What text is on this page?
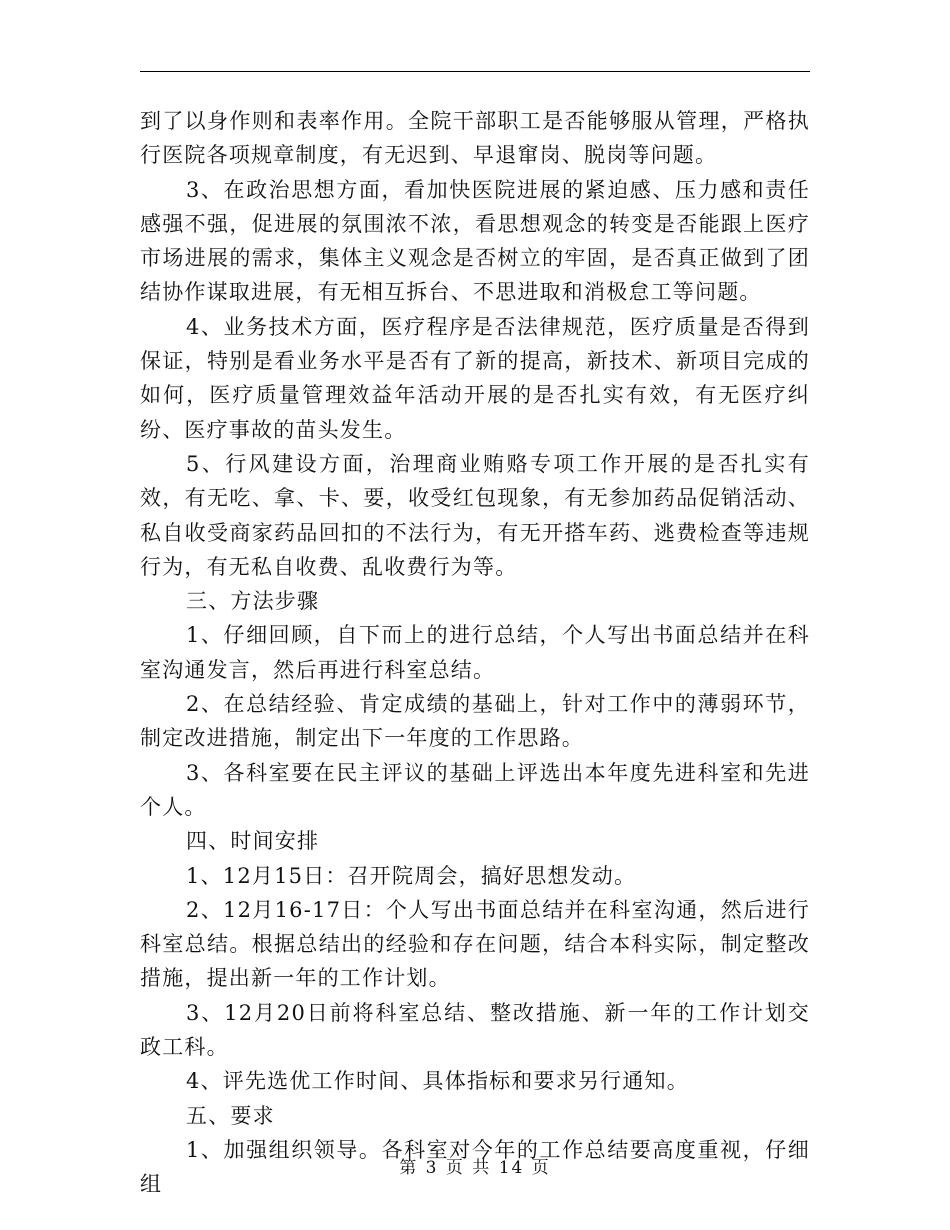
到了以身作则和表率作用。全院干部职工是否能够服从管理，严格执行医院各项规章制度，有无迟到、早退窜岗、脱岗等问题。

3、在政治思想方面，看加快医院进展的紧迫感、压力感和责任感强不强，促进展的氛围浓不浓，看思想观念的转变是否能跟上医疗市场进展的需求，集体主义观念是否树立的牢固，是否真正做到了团结协作谋取进展，有无相互拆台、不思进取和消极怠工等问题。

4、业务技术方面，医疗程序是否法律规范，医疗质量是否得到保证，特别是看业务水平是否有了新的提高，新技术、新项目完成的如何，医疗质量管理效益年活动开展的是否扎实有效，有无医疗纠纷、医疗事故的苗头发生。

5、行风建设方面，治理商业贿赂专项工作开展的是否扎实有效，有无吃、拿、卡、要，收受红包现象，有无参加药品促销活动、私自收受商家药品回扣的不法行为，有无开搭车药、逃费检查等违规行为，有无私自收费、乱收费行为等。

三、方法步骤

1、仔细回顾，自下而上的进行总结，个人写出书面总结并在科室沟通发言，然后再进行科室总结。

2、在总结经验、肯定成绩的基础上，针对工作中的薄弱环节，制定改进措施，制定出下一年度的工作思路。

3、各科室要在民主评议的基础上评选出本年度先进科室和先进个人。

四、时间安排

1、12月15日：召开院周会，搞好思想发动。

2、12月16-17日：个人写出书面总结并在科室沟通，然后进行科室总结。根据总结出的经验和存在问题，结合本科实际，制定整改措施，提出新一年的工作计划。

3、12月20日前将科室总结、整改措施、新一年的工作计划交政工科。

4、评先选优工作时间、具体指标和要求另行通知。

五、要求

1、加强组织领导。各科室对今年的工作总结要高度重视，仔细组

第 3 页 共 14 页
